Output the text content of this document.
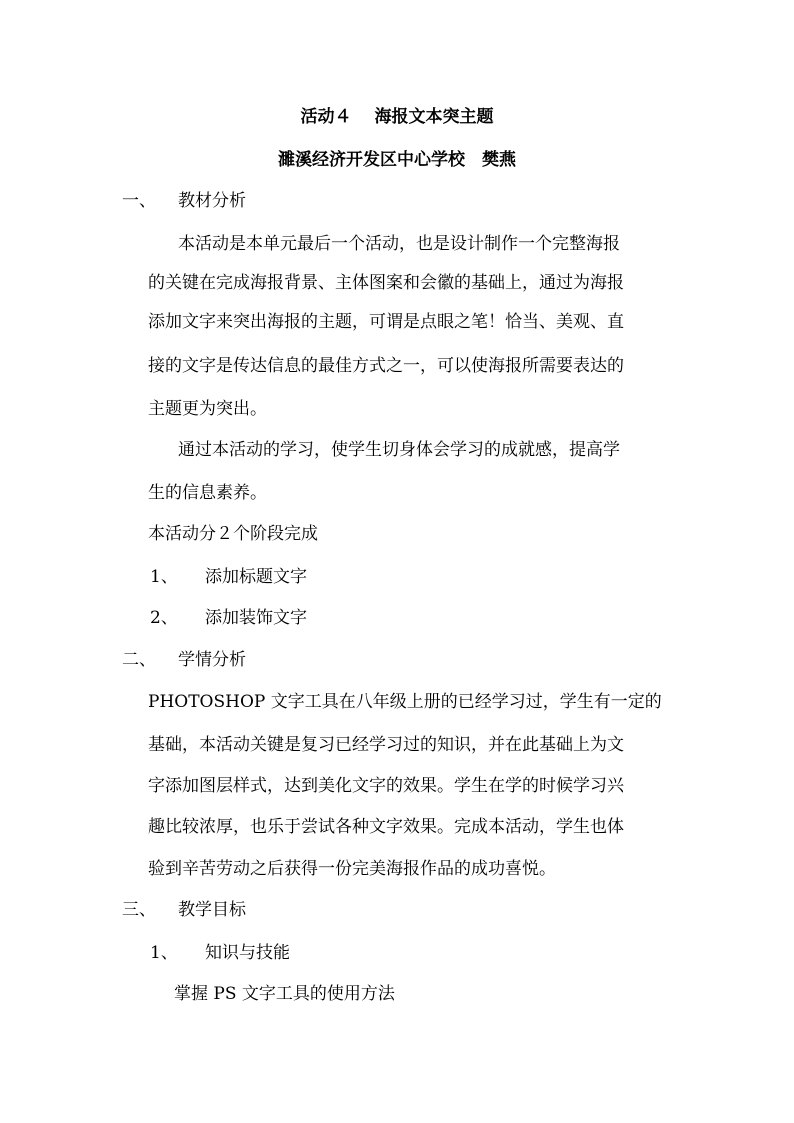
活动４　 海报文本突主题
濉溪经济开发区中心学校　樊燕
一、 教材分析
本活动是本单元最后一个活动，也是设计制作一个完整海报
的关键在完成海报背景、主体图案和会徽的基础上，通过为海报
添加文字来突出海报的主题，可谓是点眼之笔！恰当、美观、直
接的文字是传达信息的最佳方式之一，可以使海报所需要表达的
主题更为突出。
通过本活动的学习，使学生切身体会学习的成就感，提高学
生的信息素养。
本活动分２个阶段完成
1、 添加标题文字
2、 添加装饰文字
二、 学情分析
PHOTOSHOP 文字工具在八年级上册的已经学习过，学生有一定的
基础，本活动关键是复习已经学习过的知识，并在此基础上为文
字添加图层样式，达到美化文字的效果。学生在学的时候学习兴
趣比较浓厚，也乐于尝试各种文字效果。完成本活动，学生也体
验到辛苦劳动之后获得一份完美海报作品的成功喜悦。
三、 教学目标
1、 知识与技能
掌握 PS 文字工具的使用方法
